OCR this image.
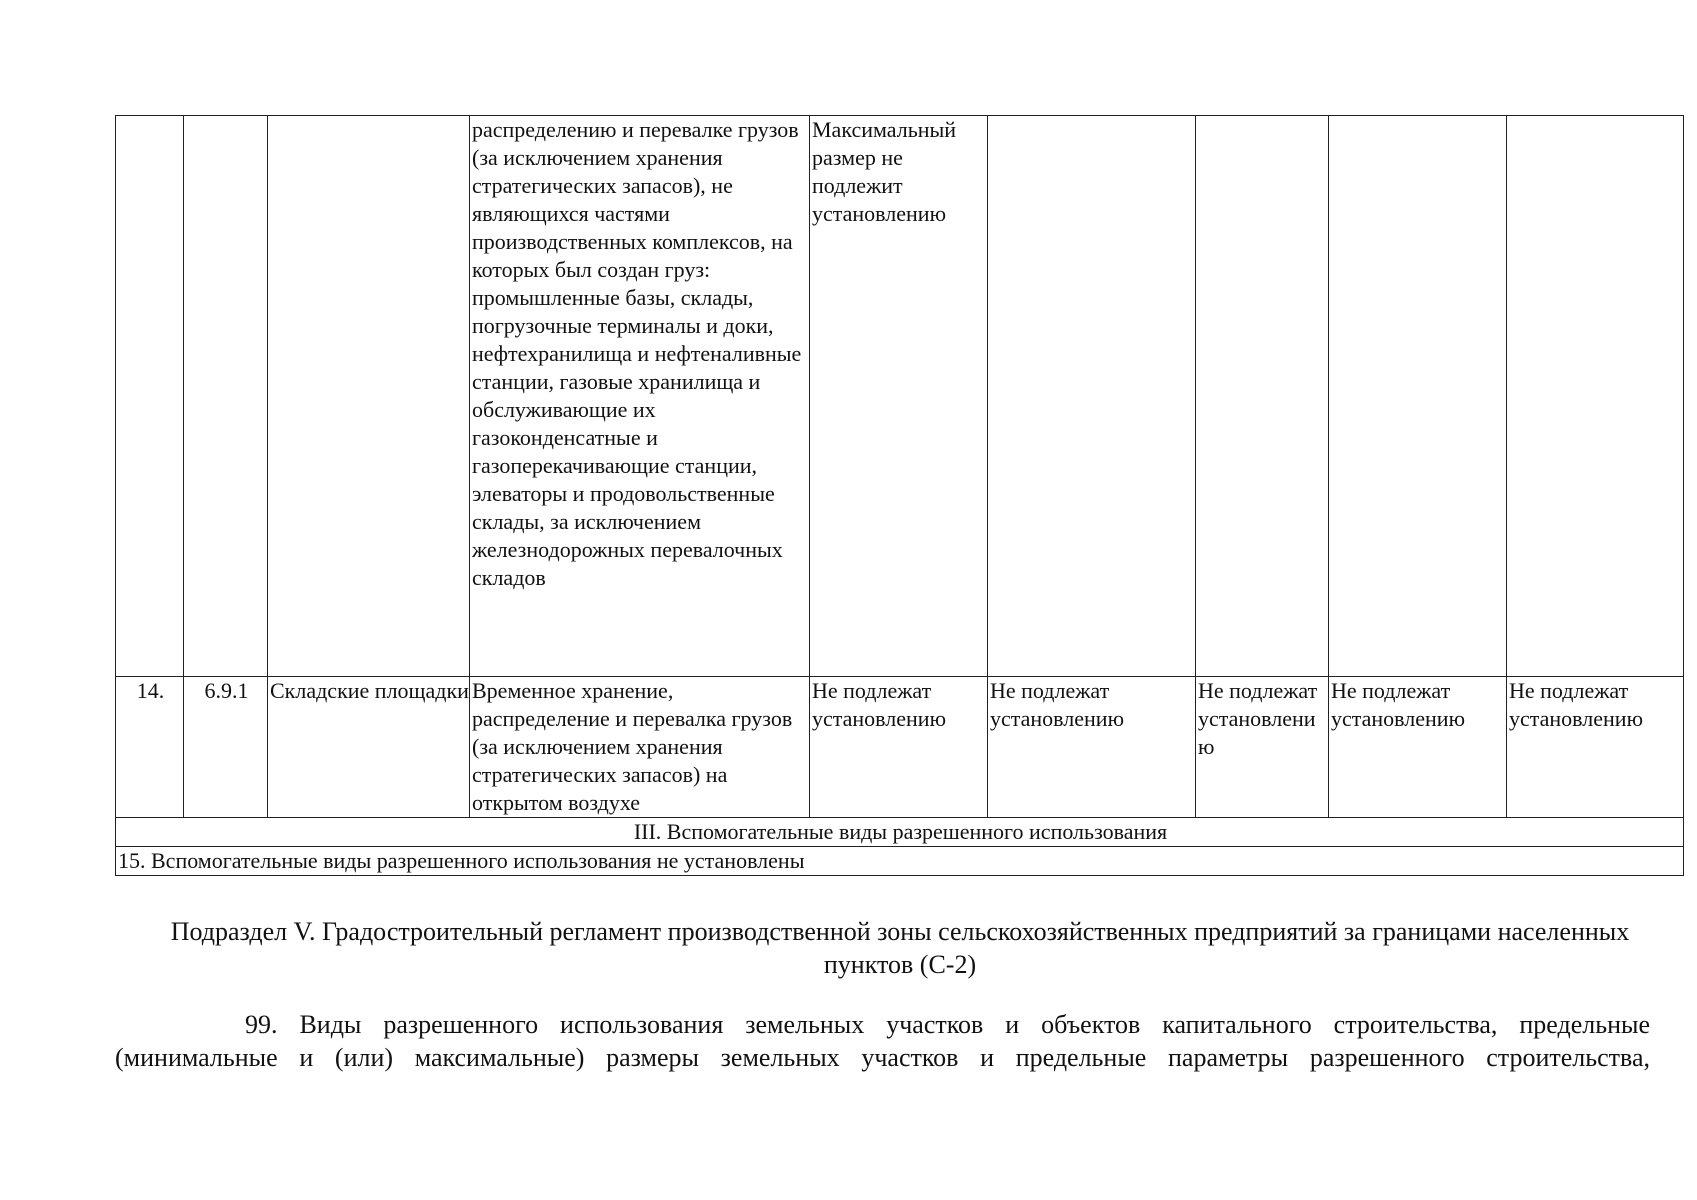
			распределению и перевалке грузов (за исключением хранения стратегических запасов), не являющихся частями производственных комплексов, на которых был создан груз: промышленные базы, склады, погрузочные терминалы и доки, нефтехранилища и нефтеналивные станции, газовые хранилища и обслуживающие их газоконденсатные и газоперекачивающие станции, элеваторы и продовольственные склады, за исключением железнодорожных перевалочных складов	Максимальный размер не подлежит установлению				
14.	6.9.1	Складские площадки	Временное хранение, распределение и перевалка грузов (за исключением хранения стратегических запасов) на открытом воздухе	Не подлежат установлению	Не подлежат установлению	Не подлежат установлени ю	Не подлежат установлению	Не подлежат установлению
III. Вспомогательные виды разрешенного использования								
15. Вспомогательные виды разрешенного использования не установлены								
Подраздел V. Градостроительный регламент производственной зоны сельскохозяйственных предприятий за границами населенных пунктов (С-2)
99. Виды разрешенного использования земельных участков и объектов капитального строительства, предельные (минимальные и (или) максимальные) размеры земельных участков и предельные параметры разрешенного строительства,
